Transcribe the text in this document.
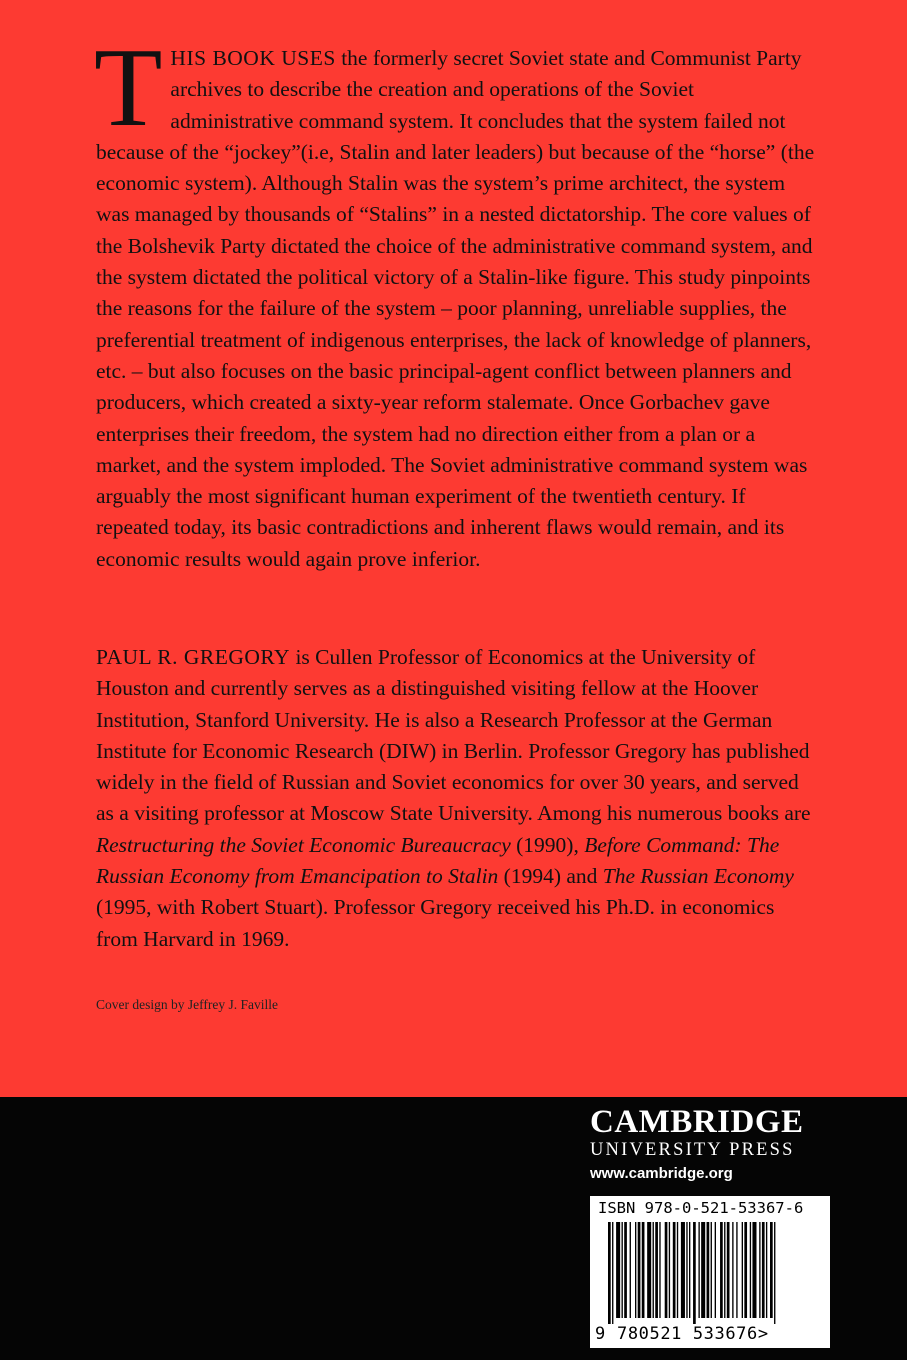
THIS BOOK USES the formerly secret Soviet state and Communist Party archives to describe the creation and operations of the Soviet administrative command system. It concludes that the system failed not because of the “jockey”(i.e, Stalin and later leaders) but because of the “horse” (the economic system). Although Stalin was the system’s prime architect, the system was managed by thousands of “Stalins” in a nested dictatorship. The core values of the Bolshevik Party dictated the choice of the administrative command system, and the system dictated the political victory of a Stalin-like figure. This study pinpoints the reasons for the failure of the system – poor planning, unreliable supplies, the preferential treatment of indigenous enterprises, the lack of knowledge of planners, etc. – but also focuses on the basic principal-agent conflict between planners and producers, which created a sixty-year reform stalemate. Once Gorbachev gave enterprises their freedom, the system had no direction either from a plan or a market, and the system imploded. The Soviet administrative command system was arguably the most significant human experiment of the twentieth century. If repeated today, its basic contradictions and inherent flaws would remain, and its economic results would again prove inferior.

PAUL R. GREGORY is Cullen Professor of Economics at the University of Houston and currently serves as a distinguished visiting fellow at the Hoover Institution, Stanford University. He is also a Research Professor at the German Institute for Economic Research (DIW) in Berlin. Professor Gregory has published widely in the field of Russian and Soviet economics for over 30 years, and served as a visiting professor at Moscow State University. Among his numerous books are Restructuring the Soviet Economic Bureaucracy (1990), Before Command: The Russian Economy from Emancipation to Stalin (1994) and The Russian Economy (1995, with Robert Stuart). Professor Gregory received his Ph.D. in economics from Harvard in 1969.

Cover design by Jeffrey J. Faville

CAMBRIDGE
UNIVERSITY PRESS
www.cambridge.org
ISBN 978-0-521-53367-6
9 780521 533676>
